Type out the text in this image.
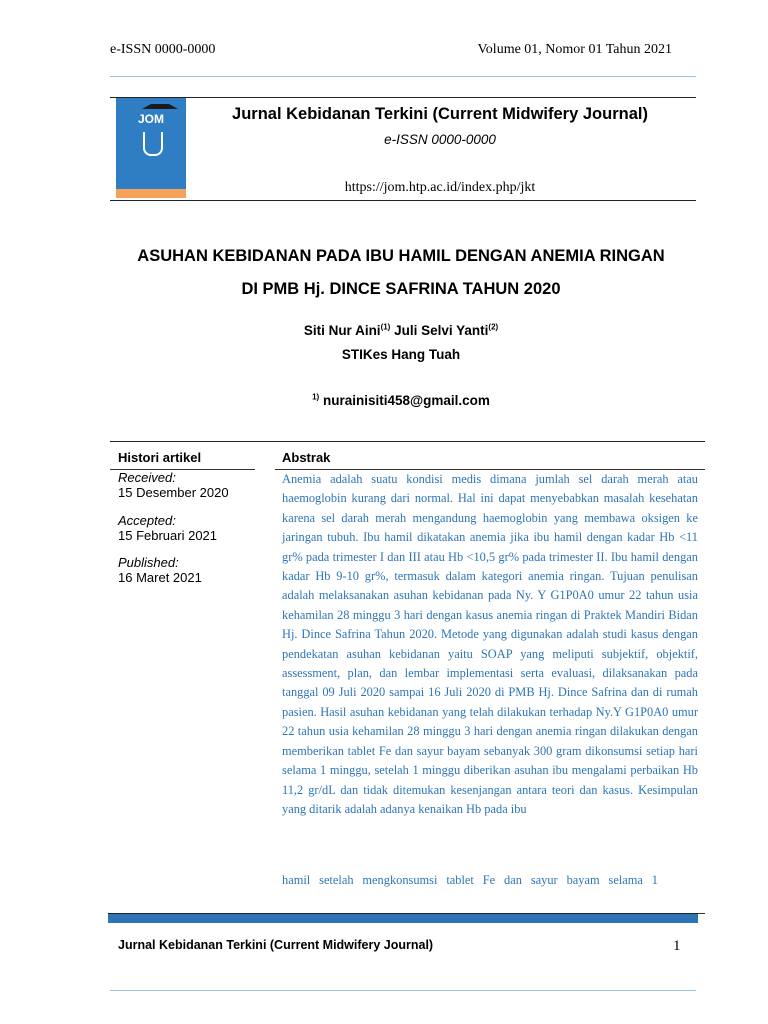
e-ISSN 0000-0000	Volume 01, Nomor 01 Tahun 2021
JOM	Jurnal Kebidanan Terkini (Current Midwifery Journal)
e-ISSN 0000-0000
https://jom.htp.ac.id/index.php/jkt
ASUHAN KEBIDANAN PADA IBU HAMIL DENGAN ANEMIA RINGAN
DI PMB Hj. DINCE SAFRINA TAHUN 2020
Siti Nur Aini$^{(1)}$ Juli Selvi Yanti$^{(2)}$
STIKes Hang Tuah
$^{1)}$ nurainisiti458@gmail.com
Histori artikel	Abstrak
Received:
15 Desember 2020
Accepted:
15 Februari 2021
Published:
16 Maret 2021
Anemia adalah suatu kondisi medis dimana jumlah sel darah merah atau haemoglobin kurang dari normal. Hal ini dapat menyebabkan masalah kesehatan karena sel darah merah mengandung haemoglobin yang membawa oksigen ke jaringan tubuh. Ibu hamil dikatakan anemia jika ibu hamil dengan kadar Hb <11 gr% pada trimester I dan III atau Hb <10,5 gr% pada trimester II. Ibu hamil dengan kadar Hb 9-10 gr%, termasuk dalam kategori anemia ringan. Tujuan penulisan adalah melaksanakan asuhan kebidanan pada Ny. Y G1P0A0 umur 22 tahun usia kehamilan 28 minggu 3 hari dengan kasus anemia ringan di Praktek Mandiri Bidan Hj. Dince Safrina Tahun 2020. Metode yang digunakan adalah studi kasus dengan pendekatan asuhan kebidanan yaitu SOAP yang meliputi subjektif, objektif, assessment, plan, dan lembar implementasi serta evaluasi, dilaksanakan pada tanggal 09 Juli 2020 sampai 16 Juli 2020 di PMB Hj. Dince Safrina dan di rumah pasien. Hasil asuhan kebidanan yang telah dilakukan terhadap Ny.Y G1P0A0 umur 22 tahun usia kehamilan 28 minggu 3 hari dengan anemia ringan dilakukan dengan memberikan tablet Fe dan sayur bayam sebanyak 300 gram dikonsumsi setiap hari selama 1 minggu, setelah 1 minggu diberikan asuhan ibu mengalami perbaikan Hb 11,2 gr/dL dan tidak ditemukan kesenjangan antara teori dan kasus. Kesimpulan yang ditarik adalah adanya kenaikan Hb pada ibu
hamil setelah mengkonsumsi tablet Fe dan sayur bayam selama 1
Jurnal Kebidanan Terkini (Current Midwifery Journal)	1
